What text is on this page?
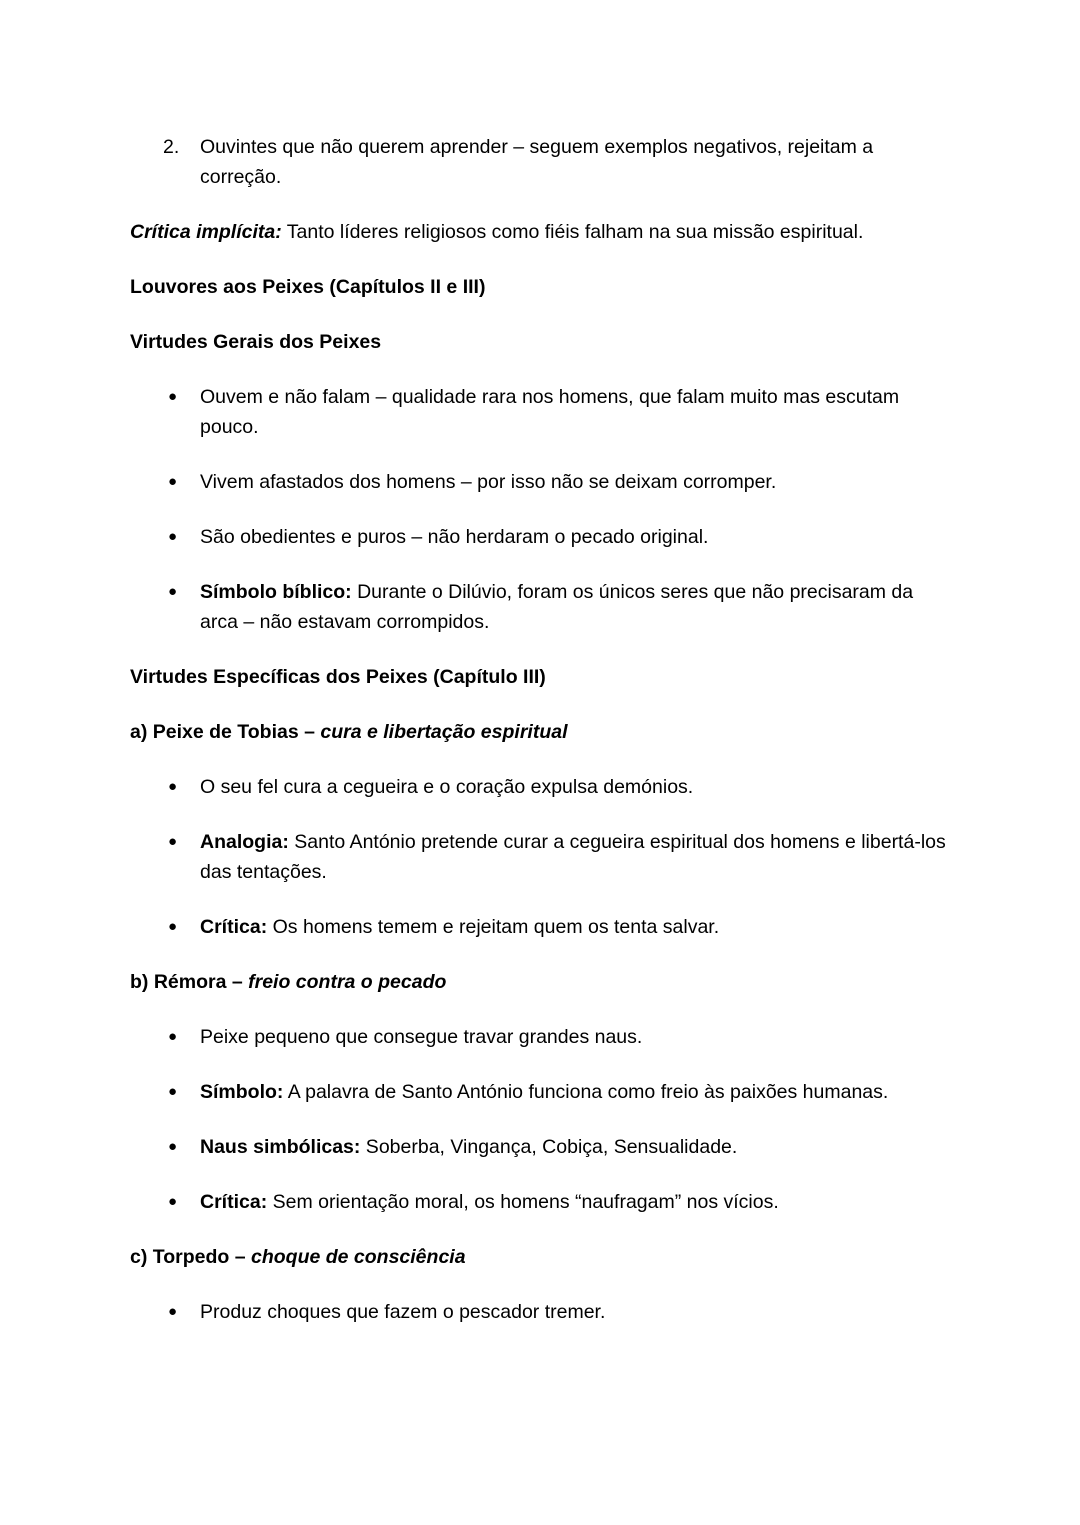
2.	Ouvintes que não querem aprender – seguem exemplos negativos, rejeitam a correção.
Crítica implícita: Tanto líderes religiosos como fiéis falham na sua missão espiritual.
Louvores aos Peixes (Capítulos II e III)
Virtudes Gerais dos Peixes
●	Ouvem e não falam – qualidade rara nos homens, que falam muito mas escutam pouco.
●	Vivem afastados dos homens – por isso não se deixam corromper.
●	São obedientes e puros – não herdaram o pecado original.
●	Símbolo bíblico: Durante o Dilúvio, foram os únicos seres que não precisaram da arca – não estavam corrompidos.
Virtudes Específicas dos Peixes (Capítulo III)
a) Peixe de Tobias – cura e libertação espiritual
●	O seu fel cura a cegueira e o coração expulsa demónios.
●	Analogia: Santo António pretende curar a cegueira espiritual dos homens e libertá-los das tentações.
●	Crítica: Os homens temem e rejeitam quem os tenta salvar.
b) Rémora – freio contra o pecado
●	Peixe pequeno que consegue travar grandes naus.
●	Símbolo: A palavra de Santo António funciona como freio às paixões humanas.
●	Naus simbólicas: Soberba, Vingança, Cobiça, Sensualidade.
●	Crítica: Sem orientação moral, os homens “naufragam” nos vícios.
c) Torpedo – choque de consciência
●	Produz choques que fazem o pescador tremer.
